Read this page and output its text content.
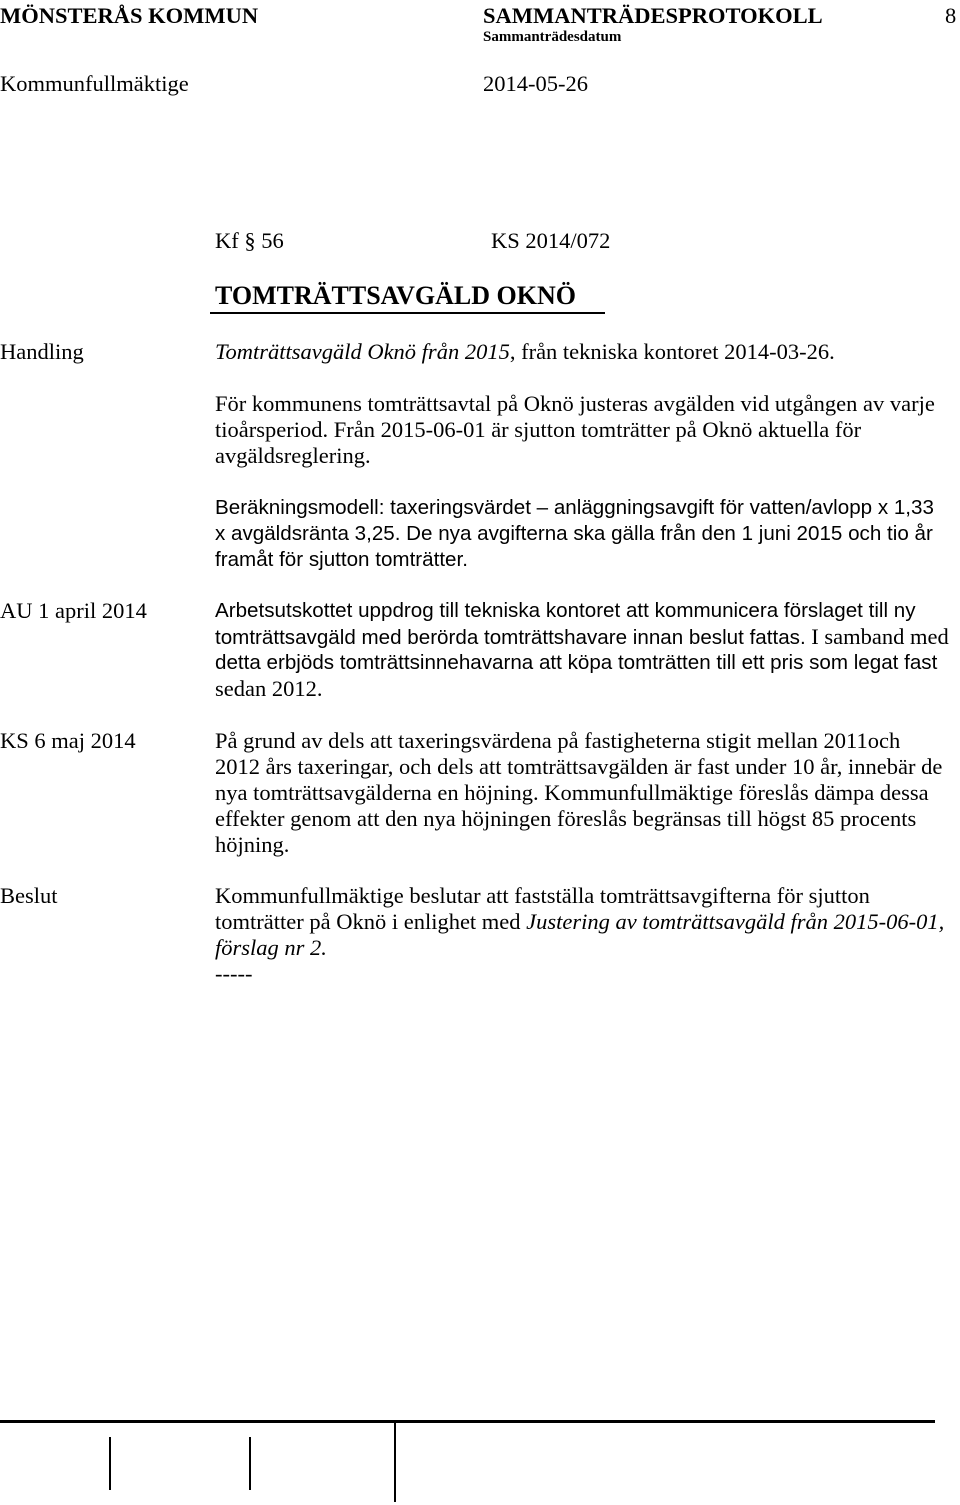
MÖNSTERÅS KOMMUN	SAMMANTRÄDESPROTOKOLL	8
Sammanträdesdatum
Kommunfullmäktige	2014-05-26
Kf § 56	KS 2014/072
TOMTRÄTTSAVGÄLD OKNÖ
Handling	Tomträttsavgäld Oknö från 2015, från tekniska kontoret 2014-03-26.
För kommunens tomträttsavtal på Oknö justeras avgälden vid utgången av varje
tioårsperiod. Från 2015-06-01 är sjutton tomträtter på Oknö aktuella för
avgäldsreglering.
Beräkningsmodell: taxeringsvärdet – anläggningsavgift för vatten/avlopp x 1,33
x avgäldsränta 3,25. De nya avgifterna ska gälla från den 1 juni 2015 och tio år
framåt för sjutton tomträtter.
AU 1 april 2014	Arbetsutskottet uppdrog till tekniska kontoret att kommunicera förslaget till ny
tomträttsavgäld med berörda tomträttshavare innan beslut fattas. I samband med
detta erbjöds tomträttsinnehavarna att köpa tomträtten till ett pris som legat fast
sedan 2012.
KS 6 maj 2014	På grund av dels att taxeringsvärdena på fastigheterna stigit mellan 2011och
2012 års taxeringar, och dels att tomträttsavgälden är fast under 10 år, innebär de
nya tomträttsavgälderna en höjning. Kommunfullmäktige föreslås dämpa dessa
effekter genom att den nya höjningen föreslås begränsas till högst 85 procents
höjning.
Beslut	Kommunfullmäktige beslutar att fastställa tomträttsavgifterna för sjutton
tomträtter på Oknö i enlighet med Justering av tomträttsavgäld från 2015-06-01,
förslag nr 2.
-----
